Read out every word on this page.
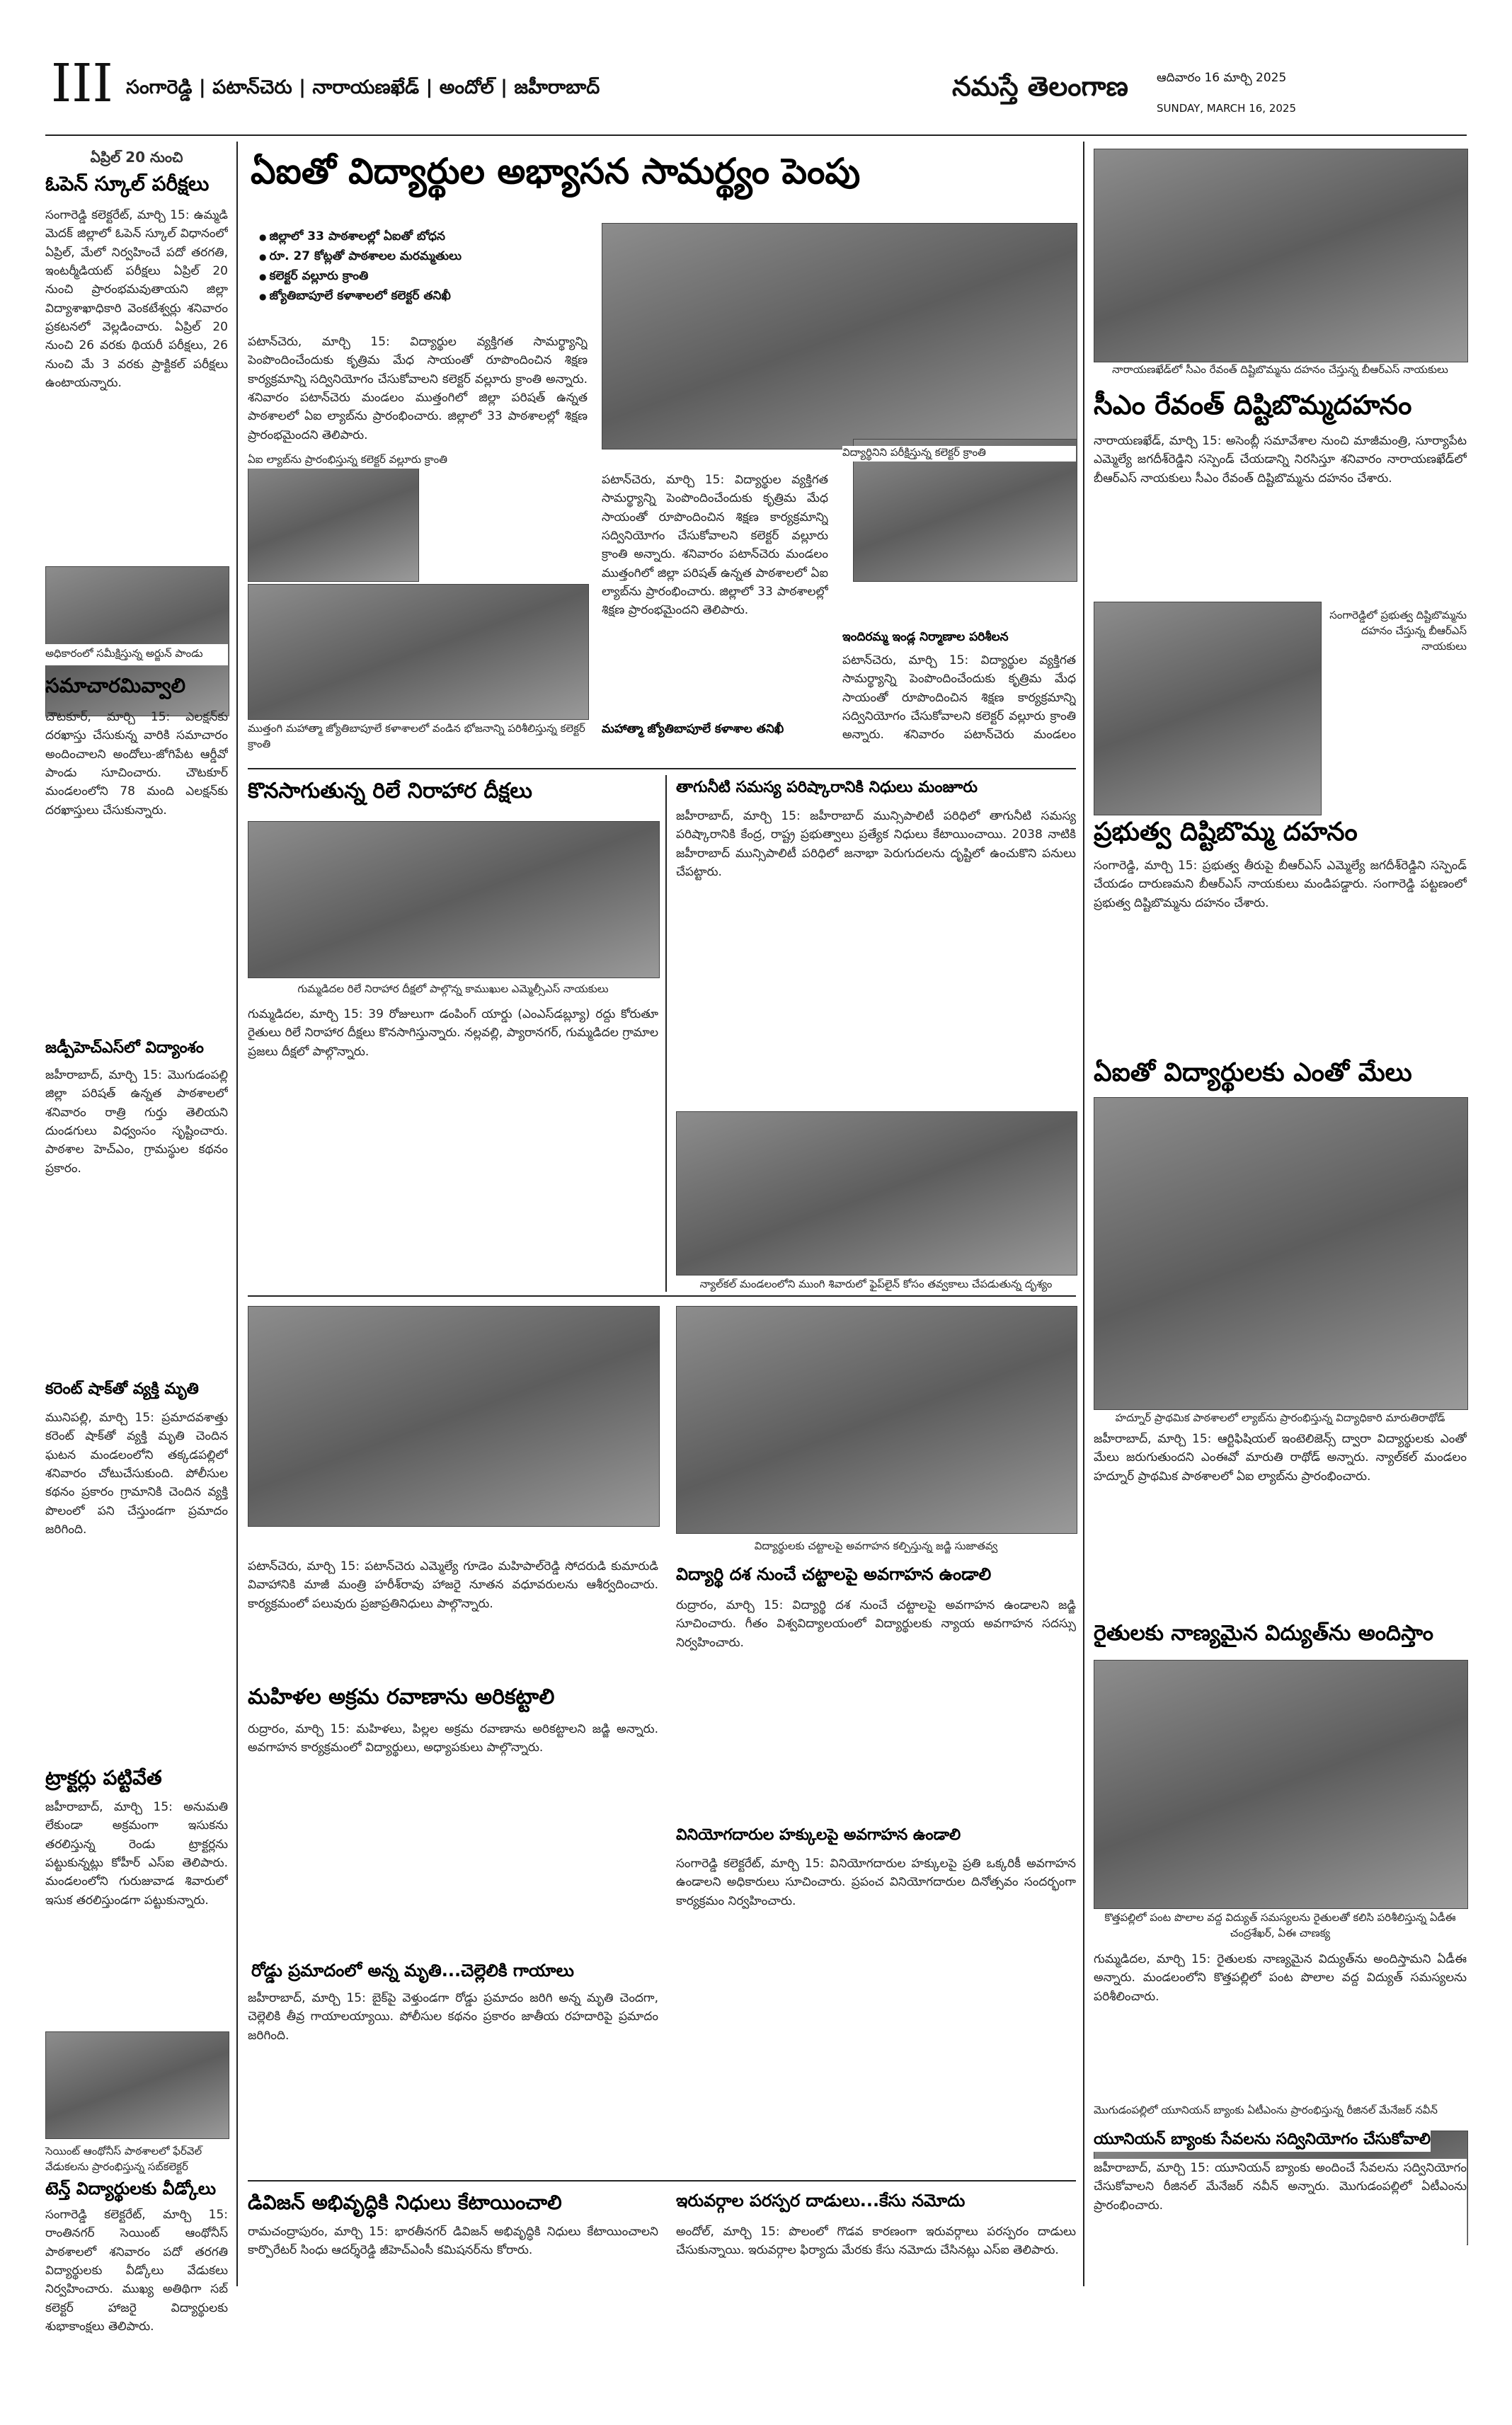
III సంగారెడ్డి | పటాన్‌చెరు | నారాయణఖేడ్ | అందోల్ | జహీరాబాద్	నమస్తే తెలంగాణ ఆదివారం 16 మార్చి 2025
SUNDAY, MARCH 16, 2025
ఏప్రిల్ 20 నుంచి
ఓపెన్ స్కూల్ పరీక్షలు
సంగారెడ్డి కలెక్టరేట్, మార్చి 15: ఉమ్మడి మెదక్ జిల్లాలో ఓపెన్ స్కూల్ విధానంలో ఏప్రిల్, మేలో నిర్వహించే పదో తరగతి, ఇంటర్మీడియట్ పరీక్షలు ఏప్రిల్ 20 నుంచి ప్రారంభమవుతాయని జిల్లా విద్యాశాఖాధికారి వెంకటేశ్వర్లు శనివారం ప్రకటనలో వెల్లడించారు. ఏప్రిల్ 20 నుంచి 26 వరకు థియరీ పరీక్షలు, 26 నుంచి మే 3 వరకు ప్రాక్టికల్ పరీక్షలు ఉంటాయన్నారు.
అధికారంలో సమీక్షిస్తున్న అర్జున్ పాండు
సమాచారమివ్వాలి
చౌటకూర్, మార్చి 15: ఎలక్షన్‌కు దరఖాస్తు చేసుకున్న వారికి సమాచారం అందించాలని అందోలు-జోగిపేట ఆర్డీవో పాండు సూచించారు. చౌటకూర్ మండలంలోని 78 మంది ఎలక్షన్‌కు దరఖాస్తులు చేసుకున్నారు.
జడ్పీహెచ్‌ఎస్‌లో విద్యాంశం
జహీరాబాద్, మార్చి 15: మొగుడంపల్లి జిల్లా పరిషత్ ఉన్నత పాఠశాలలో శనివారం రాత్రి గుర్తు తెలియని దుండగులు విధ్వంసం సృష్టించారు. పాఠశాల హెచ్ఎం, గ్రామస్థుల కథనం ప్రకారం.
కరెంట్ షాక్‌తో వ్యక్తి మృతి
మునిపల్లి, మార్చి 15: ప్రమాదవశాత్తు కరెంట్ షాక్‌తో వ్యక్తి మృతి చెందిన ఘటన మండలంలోని తక్కడపల్లిలో శనివారం చోటుచేసుకుంది. పోలీసుల కథనం ప్రకారం గ్రామానికి చెందిన వ్యక్తి పొలంలో పని చేస్తుండగా ప్రమాదం జరిగింది.
ట్రాక్టర్లు పట్టివేత
జహీరాబాద్, మార్చి 15: అనుమతి లేకుండా అక్రమంగా ఇసుకను తరలిస్తున్న రెండు ట్రాక్టర్లను పట్టుకున్నట్లు కోహీర్ ఎస్ఐ తెలిపారు. మండలంలోని గురుజువాడ శివారులో ఇసుక తరలిస్తుండగా పట్టుకున్నారు.
సెయింట్ ఆంథోనీస్ పాఠశాలలో ఫేర్‌వెల్ వేడుకలను ప్రారంభిస్తున్న సబ్‌కలెక్టర్
టెన్త్ విద్యార్థులకు వీడ్కోలు
సంగారెడ్డి కలెక్టరేట్, మార్చి 15: రాంతినగర్ సెయింట్ ఆంథోనీస్ పాఠశాలలో శనివారం పదో తరగతి విద్యార్థులకు వీడ్కోలు వేడుకలు నిర్వహించారు. ముఖ్య అతిథిగా సబ్ కలెక్టర్ హాజరై విద్యార్థులకు శుభాకాంక్షలు తెలిపారు.
ఏఐతో విద్యార్థుల అభ్యాసన సామర్థ్యం పెంపు
● జిల్లాలో 33 పాఠశాలల్లో ఏఐతో బోధన
● రూ. 27 కోట్లతో పాఠశాలల మరమ్మతులు
● కలెక్టర్ వల్లూరు క్రాంతి
● జ్యోతిబాపూలే కళాశాలలో కలెక్టర్ తనిఖీ
పటాన్‌చెరు, మార్చి 15: విద్యార్థుల వ్యక్తిగత సామర్థ్యాన్ని పెంపొందించేందుకు కృత్రిమ మేధ సాయంతో రూపొందించిన శిక్షణ కార్యక్రమాన్ని సద్వినియోగం చేసుకోవాలని కలెక్టర్ వల్లూరు క్రాంతి అన్నారు. శనివారం పటాన్‌చెరు మండలం ముత్తంగిలో జిల్లా పరిషత్ ఉన్నత పాఠశాలలో ఏఐ ల్యాబ్‌ను ప్రారంభించారు. జిల్లాలో 33 పాఠశాలల్లో శిక్షణ ప్రారంభమైందని తెలిపారు.
ఏఐ ల్యాబ్‌ను ప్రారంభిస్తున్న కలెక్టర్ వల్లూరు క్రాంతి
విద్యార్థినిని పరీక్షిస్తున్న కలెక్టర్ క్రాంతి
పటాన్‌చెరు, మార్చి 15: విద్యార్థుల వ్యక్తిగత సామర్థ్యాన్ని పెంపొందించేందుకు కృత్రిమ మేధ సాయంతో రూపొందించిన శిక్షణ కార్యక్రమాన్ని సద్వినియోగం చేసుకోవాలని కలెక్టర్ వల్లూరు క్రాంతి అన్నారు. శనివారం పటాన్‌చెరు మండలం ముత్తంగిలో జిల్లా పరిషత్ ఉన్నత పాఠశాలలో ఏఐ ల్యాబ్‌ను ప్రారంభించారు. జిల్లాలో 33 పాఠశాలల్లో శిక్షణ ప్రారంభమైందని తెలిపారు.
ఇందిరమ్మ ఇండ్ల నిర్మాణాల పరిశీలన
పటాన్‌చెరు, మార్చి 15: విద్యార్థుల వ్యక్తిగత సామర్థ్యాన్ని పెంపొందించేందుకు కృత్రిమ మేధ సాయంతో రూపొందించిన శిక్షణ కార్యక్రమాన్ని సద్వినియోగం చేసుకోవాలని కలెక్టర్ వల్లూరు క్రాంతి అన్నారు. శనివారం పటాన్‌చెరు మండలం
ముత్తంగి మహాత్మా జ్యోతిబాపూలే కళాశాలలో వండిన భోజనాన్ని పరిశీలిస్తున్న కలెక్టర్ క్రాంతి
మహాత్మా జ్యోతిబాపూలే కళాశాల తనిఖీ
కొనసాగుతున్న రిలే నిరాహార దీక్షలు
గుమ్మడిదల రిలే నిరాహార దీక్షలో పాల్గొన్న కాముఖుల ఎమ్మెల్సీఎస్ నాయకులు
గుమ్మడిదల, మార్చి 15: 39 రోజులుగా డంపింగ్ యార్డు (ఎంఎస్‌డబ్ల్యూ) రద్దు కోరుతూ రైతులు రిలే నిరాహార దీక్షలు కొనసాగిస్తున్నారు. నల్లవల్లి, ప్యారానగర్, గుమ్మడిదల గ్రామాల ప్రజలు దీక్షలో పాల్గొన్నారు.
తాగునీటి సమస్య పరిష్కారానికి నిధులు మంజూరు
జహీరాబాద్, మార్చి 15: జహీరాబాద్ మున్సిపాలిటీ పరిధిలో తాగునీటి సమస్య పరిష్కారానికి కేంద్ర, రాష్ట్ర ప్రభుత్వాలు ప్రత్యేక నిధులు కేటాయించాయి. 2038 నాటికి జహీరాబాద్ మున్సిపాలిటీ పరిధిలో జనాభా పెరుగుదలను దృష్టిలో ఉంచుకొని పనులు చేపట్టారు.
న్యాల్‌కల్ మండలంలోని ముంగి శివారులో ఫైప్‌లైన్ కోసం తవ్వకాలు చేపడుతున్న దృశ్యం
నారాయణఖేడ్‌లో సీఎం రేవంత్ దిష్టిబొమ్మను దహనం చేస్తున్న బీఆర్ఎస్ నాయకులు
సీఎం రేవంత్ దిష్టిబొమ్మదహనం
నారాయణఖేడ్, మార్చి 15: అసెంబ్లీ సమావేశాల నుంచి మాజీమంత్రి, సూర్యాపేట ఎమ్మెల్యే జగదీశ్‌రెడ్డిని సస్పెండ్ చేయడాన్ని నిరసిస్తూ శనివారం నారాయణఖేడ్‌లో బీఆర్ఎస్ నాయకులు సీఎం రేవంత్ దిష్టిబొమ్మను దహనం చేశారు.
సంగారెడ్డిలో ప్రభుత్వ దిష్టిబొమ్మను దహనం చేస్తున్న బీఆర్ఎస్ నాయకులు
ప్రభుత్వ దిష్టిబొమ్మ దహనం
సంగారెడ్డి, మార్చి 15: ప్రభుత్వ తీరుపై బీఆర్ఎస్ ఎమ్మెల్యే జగదీశ్‌రెడ్డిని సస్పెండ్ చేయడం దారుణమని బీఆర్ఎస్ నాయకులు మండిపడ్డారు. సంగారెడ్డి పట్టణంలో ప్రభుత్వ దిష్టిబొమ్మను దహనం చేశారు.
ఏఐతో విద్యార్థులకు ఎంతో మేలు
హద్నూర్ ప్రాథమిక పాఠశాలలో ల్యాబ్‌ను ప్రారంభిస్తున్న విద్యాధికారి మారుతిరాథోడ్
జహీరాబాద్, మార్చి 15: ఆర్టిఫిషియల్ ఇంటెలిజెన్స్ ద్వారా విద్యార్థులకు ఎంతో మేలు జరుగుతుందని ఎంఈవో మారుతి రాథోడ్ అన్నారు. న్యాల్‌కల్ మండలం హద్నూర్ ప్రాథమిక పాఠశాలలో ఏఐ ల్యాబ్‌ను ప్రారంభించారు.
రైతులకు నాణ్యమైన విద్యుత్‌ను అందిస్తాం
కొత్తపల్లిలో పంట పొలాల వద్ద విద్యుత్ సమస్యలను రైతులతో కలిసి పరిశీలిస్తున్న ఏడీఈ చంద్రశేఖర్, ఏఈ చాణక్య
గుమ్మడిదల, మార్చి 15: రైతులకు నాణ్యమైన విద్యుత్‌ను అందిస్తామని ఏడీఈ అన్నారు. మండలంలోని కొత్తపల్లిలో పంట పొలాల వద్ద విద్యుత్ సమస్యలను పరిశీలించారు.
మొగుడంపల్లిలో యూనియన్ బ్యాంకు ఏటీఎంను ప్రారంభిస్తున్న రీజినల్ మేనేజర్ నవీన్
యూనియన్ బ్యాంకు సేవలను సద్వినియోగం చేసుకోవాలి
జహీరాబాద్, మార్చి 15: యూనియన్ బ్యాంకు అందించే సేవలను సద్వినియోగం చేసుకోవాలని రీజినల్ మేనేజర్ నవీన్ అన్నారు. మొగుడంపల్లిలో ఏటీఎంను ప్రారంభించారు.
పటాన్‌చెరు, మార్చి 15: పటాన్‌చెరు ఎమ్మెల్యే గూడెం మహిపాల్‌రెడ్డి సోదరుడి కుమారుడి వివాహానికి మాజీ మంత్రి హరీశ్‌రావు హాజరై నూతన వధూవరులను ఆశీర్వదించారు. కార్యక్రమంలో పలువురు ప్రజాప్రతినిధులు పాల్గొన్నారు.
విద్యార్థులకు చట్టాలపై అవగాహన కల్పిస్తున్న జడ్జి సుజాతవ్వ
విద్యార్థి దశ నుంచే చట్టాలపై అవగాహన ఉండాలి
రుద్రారం, మార్చి 15: విద్యార్థి దశ నుంచే చట్టాలపై అవగాహన ఉండాలని జడ్జి సూచించారు. గీతం విశ్వవిద్యాలయంలో విద్యార్థులకు న్యాయ అవగాహన సదస్సు నిర్వహించారు.
మహిళల అక్రమ రవాణాను అరికట్టాలి
రుద్రారం, మార్చి 15: మహిళలు, పిల్లల అక్రమ రవాణాను అరికట్టాలని జడ్జి అన్నారు. అవగాహన కార్యక్రమంలో విద్యార్థులు, అధ్యాపకులు పాల్గొన్నారు.
వినియోగదారుల హక్కులపై అవగాహన ఉండాలి
సంగారెడ్డి కలెక్టరేట్, మార్చి 15: వినియోగదారుల హక్కులపై ప్రతి ఒక్కరికీ అవగాహన ఉండాలని అధికారులు సూచించారు. ప్రపంచ వినియోగదారుల దినోత్సవం సందర్భంగా కార్యక్రమం నిర్వహించారు.
రోడ్డు ప్రమాదంలో అన్న మృతి...చెల్లెలికి గాయాలు
జహీరాబాద్, మార్చి 15: బైక్‌పై వెళ్తుండగా రోడ్డు ప్రమాదం జరిగి అన్న మృతి చెందగా, చెల్లెలికి తీవ్ర గాయాలయ్యాయి. పోలీసుల కథనం ప్రకారం జాతీయ రహదారిపై ప్రమాదం జరిగింది.
డివిజన్ అభివృద్ధికి నిధులు కేటాయించాలి
రామచంద్రాపురం, మార్చి 15: భారతీనగర్ డివిజన్ అభివృద్ధికి నిధులు కేటాయించాలని కార్పొరేటర్ సింధు ఆదర్శ్‌రెడ్డి జీహెచ్ఎంసీ కమిషనర్‌ను కోరారు.
ఇరువర్గాల పరస్పర దాడులు...కేసు నమోదు
అందోల్, మార్చి 15: పొలంలో గొడవ కారణంగా ఇరువర్గాలు పరస్పరం దాడులు చేసుకున్నాయి. ఇరువర్గాల ఫిర్యాదు మేరకు కేసు నమోదు చేసినట్లు ఎస్ఐ తెలిపారు.
